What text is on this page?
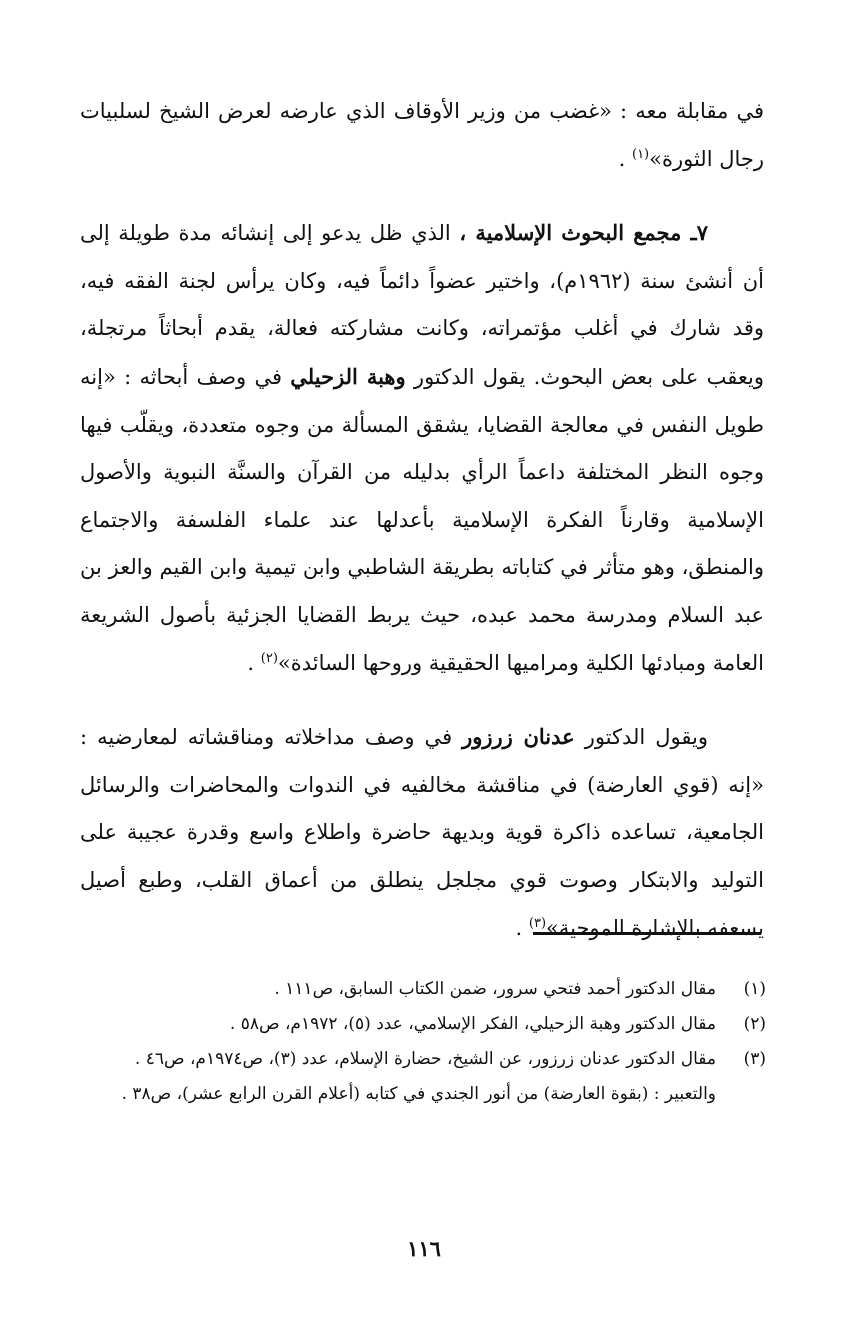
في مقابلة معه : «غضب من وزير الأوقاف الذي عارضه لعرض الشيخ لسلبيات رجال الثورة»$^{(١)}$ .

٧ـ مجمع البحوث الإسلامية ، الذي ظل يدعو إلى إنشائه مدة طويلة إلى أن أنشئ سنة (١٩٦٢م)، واختير عضواً دائماً فيه، وكان يرأس لجنة الفقه فيه، وقد شارك في أغلب مؤتمراته، وكانت مشاركته فعالة، يقدم أبحاثاً مرتجلة، ويعقب على بعض البحوث. يقول الدكتور وهبة الزحيلي في وصف أبحاثه : «إنه طويل النفس في معالجة القضايا، يشقق المسألة من وجوه متعددة، ويقلّب فيها وجوه النظر المختلفة داعماً الرأي بدليله من القرآن والسنَّة النبوية والأصول الإسلامية وقارناً الفكرة الإسلامية بأعدلها عند علماء الفلسفة والاجتماع والمنطق، وهو متأثر في كتاباته بطريقة الشاطبي وابن تيمية وابن القيم والعز بن عبد السلام ومدرسة محمد عبده، حيث يربط القضايا الجزئية بأصول الشريعة العامة ومبادئها الكلية ومراميها الحقيقية وروحها السائدة»$^{(٢)}$ .

ويقول الدكتور عدنان زرزور في وصف مداخلاته ومناقشاته لمعارضيه : «إنه (قوي العارضة) في مناقشة مخالفيه في الندوات والمحاضرات والرسائل الجامعية، تساعده ذاكرة قوية وبديهة حاضرة واطلاع واسع وقدرة عجيبة على التوليد والابتكار وصوت قوي مجلجل ينطلق من أعماق القلب، وطبع أصيل يسعفه بالإشارة الموحية»$^{(٣)}$ .

(١)
مقال الدكتور أحمد فتحي سرور، ضمن الكتاب السابق، ص١١١ .
(٢)
مقال الدكتور وهبة الزحيلي، الفكر الإسلامي، عدد (٥)، ١٩٧٢م، ص٥٨ .
(٣)
مقال الدكتور عدنان زرزور، عن الشيخ، حضارة الإسلام، عدد (٣)، ص١٩٧٤م، ص٤٦ .
والتعبير : (بقوة العارضة) من أنور الجندي في كتابه (أعلام القرن الرابع عشر)، ص٣٨ .
١١٦
